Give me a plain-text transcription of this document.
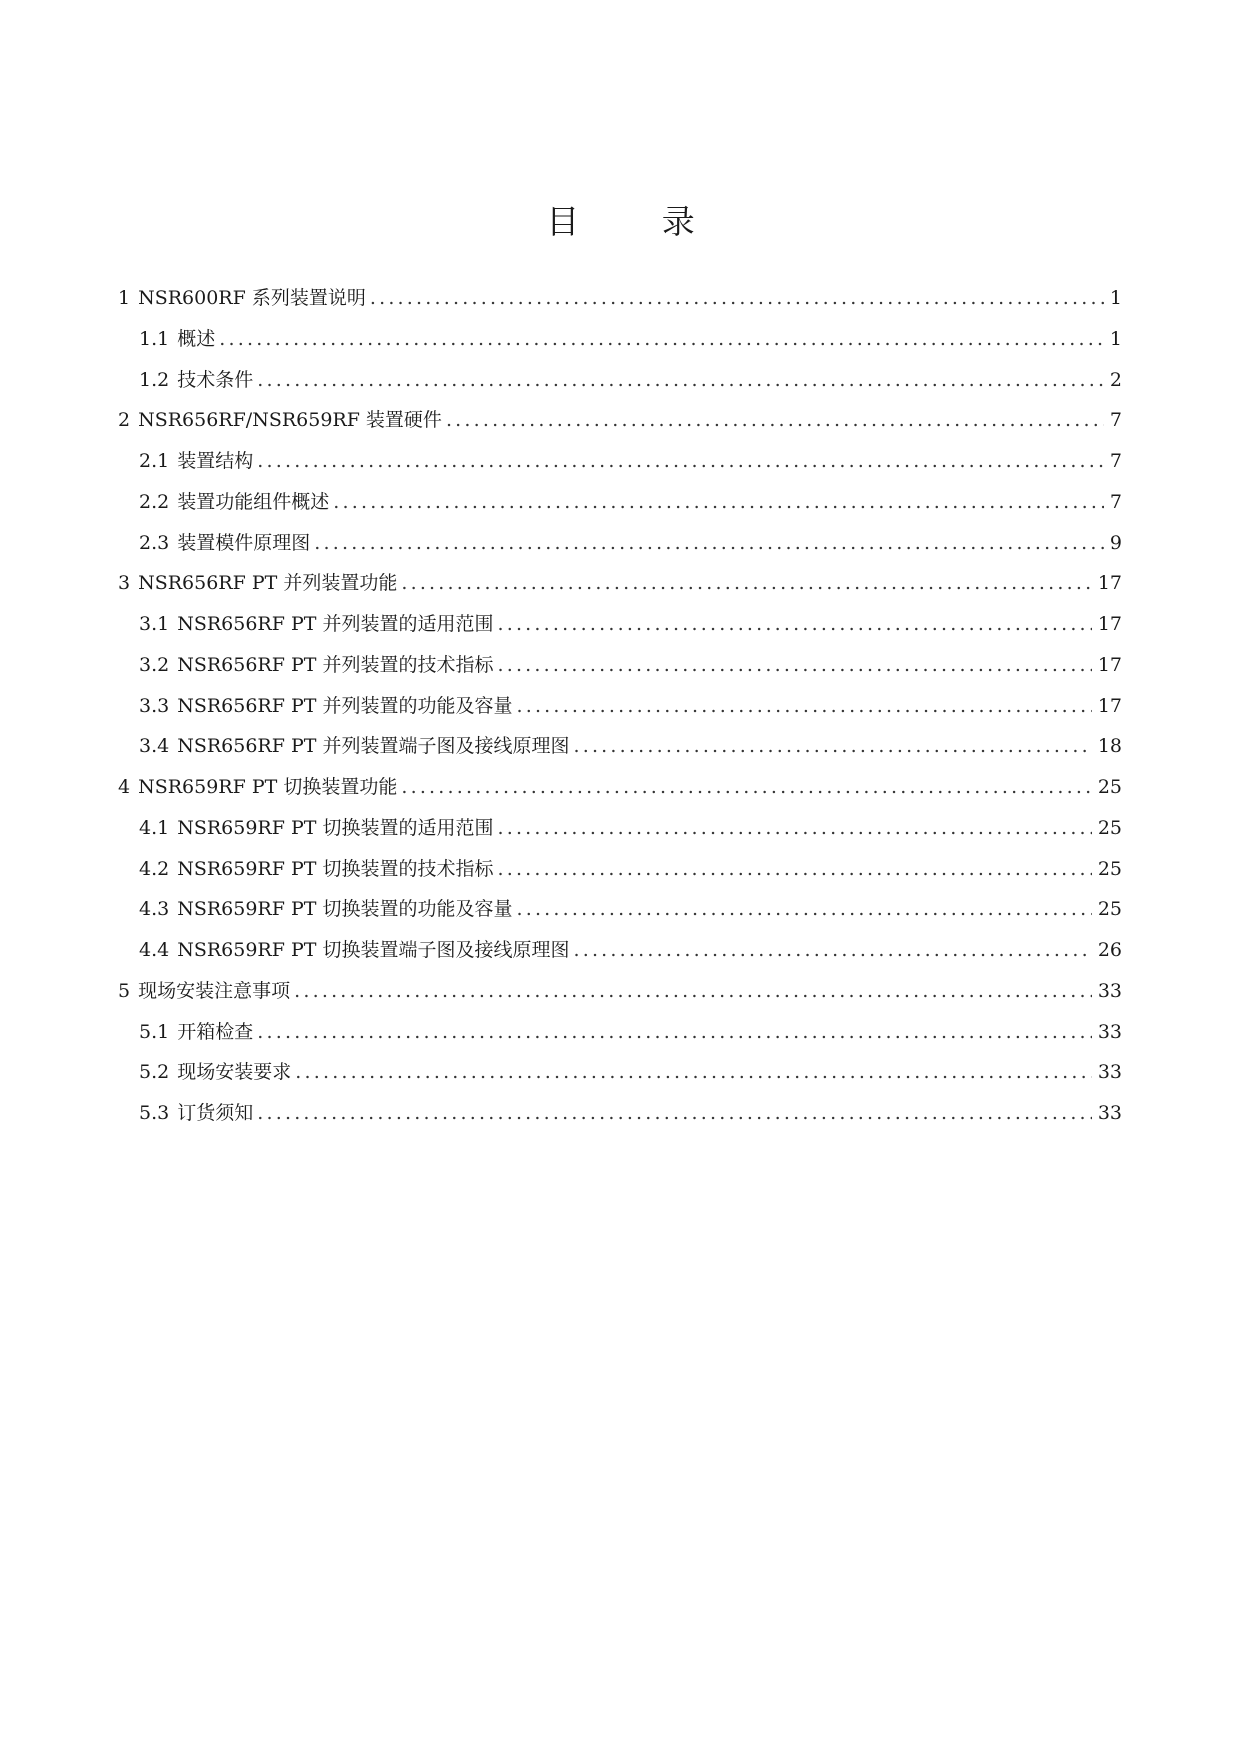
目 录
1 NSR600RF 系列装置说明 .....	1
1.1 概述 .....	1
1.2 技术条件 .....	2
2 NSR656RF/NSR659RF 装置硬件 .....	7
2.1 装置结构 .....	7
2.2 装置功能组件概述 .....	7
2.3 装置模件原理图 .....	9
3 NSR656RF PT 并列装置功能 .....	17
3.1 NSR656RF PT 并列装置的适用范围 .....	17
3.2 NSR656RF PT 并列装置的技术指标 .....	17
3.3 NSR656RF PT 并列装置的功能及容量 .....	17
3.4 NSR656RF PT 并列装置端子图及接线原理图 .....	18
4 NSR659RF PT 切换装置功能 .....	25
4.1 NSR659RF PT 切换装置的适用范围 .....	25
4.2 NSR659RF PT 切换装置的技术指标 .....	25
4.3 NSR659RF PT 切换装置的功能及容量 .....	25
4.4 NSR659RF PT 切换装置端子图及接线原理图 .....	26
5 现场安装注意事项 .....	33
5.1 开箱检查 .....	33
5.2 现场安装要求 .....	33
5.3 订货须知 .....	33
